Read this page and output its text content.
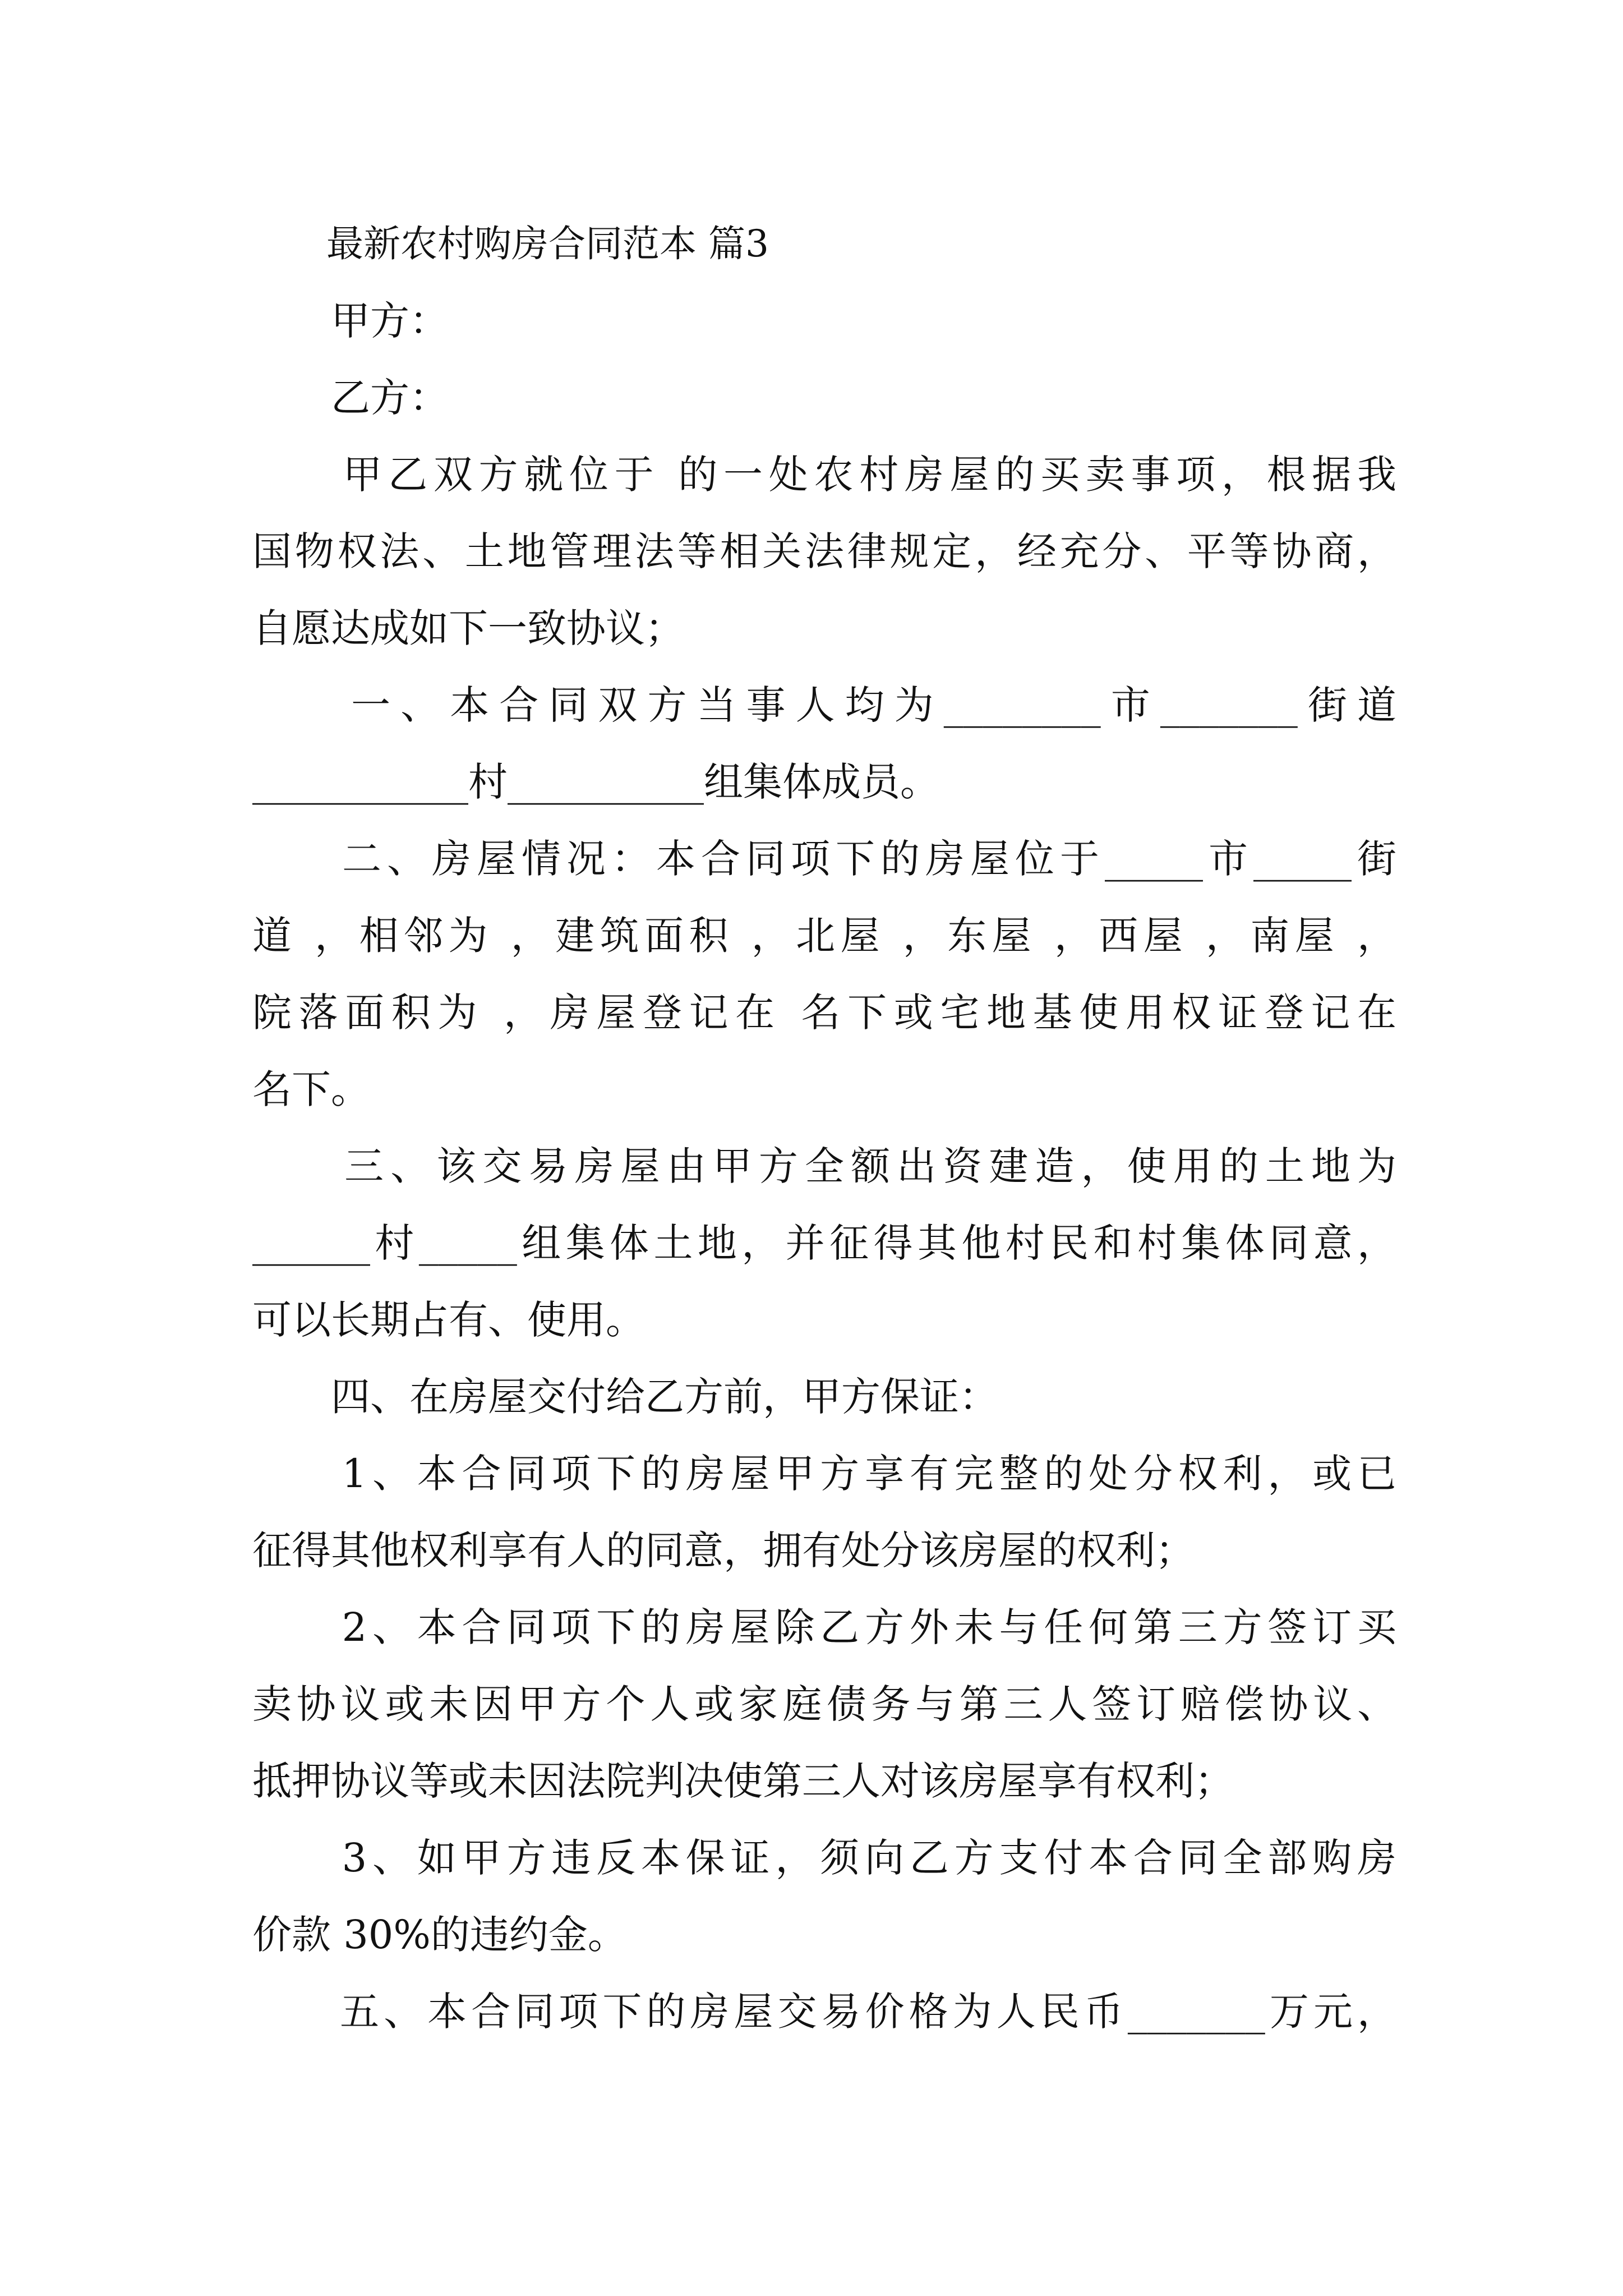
　　最新农村购房合同范本 篇3
　　甲方：
　　乙方：
　　甲乙双方就位于 的一处农村房屋的买卖事项，根据我
国物权法、土地管理法等相关法律规定，经充分、平等协商，
自愿达成如下一致协议；
　　一、本合同双方当事人均为________市_______街道
___________村__________组集体成员。
　　二、房屋情况：本合同项下的房屋位于_____市_____街
道 ，相邻为 ，建筑面积 ，北屋 ，东屋 ，西屋 ，南屋 ，
院落面积为 ，房屋登记在 名下或宅地基使用权证登记在
名下。
　　三、该交易房屋由甲方全额出资建造，使用的土地为
______村_____组集体土地，并征得其他村民和村集体同意，
可以长期占有、使用。
　　四、在房屋交付给乙方前，甲方保证：
　　1、本合同项下的房屋甲方享有完整的处分权利，或已
征得其他权利享有人的同意，拥有处分该房屋的权利；
　　2、本合同项下的房屋除乙方外未与任何第三方签订买
卖协议或未因甲方个人或家庭债务与第三人签订赔偿协议、
抵押协议等或未因法院判决使第三人对该房屋享有权利；
　　3、如甲方违反本保证，须向乙方支付本合同全部购房
价款 30%的违约金。
　　五、本合同项下的房屋交易价格为人民币_______万元，
